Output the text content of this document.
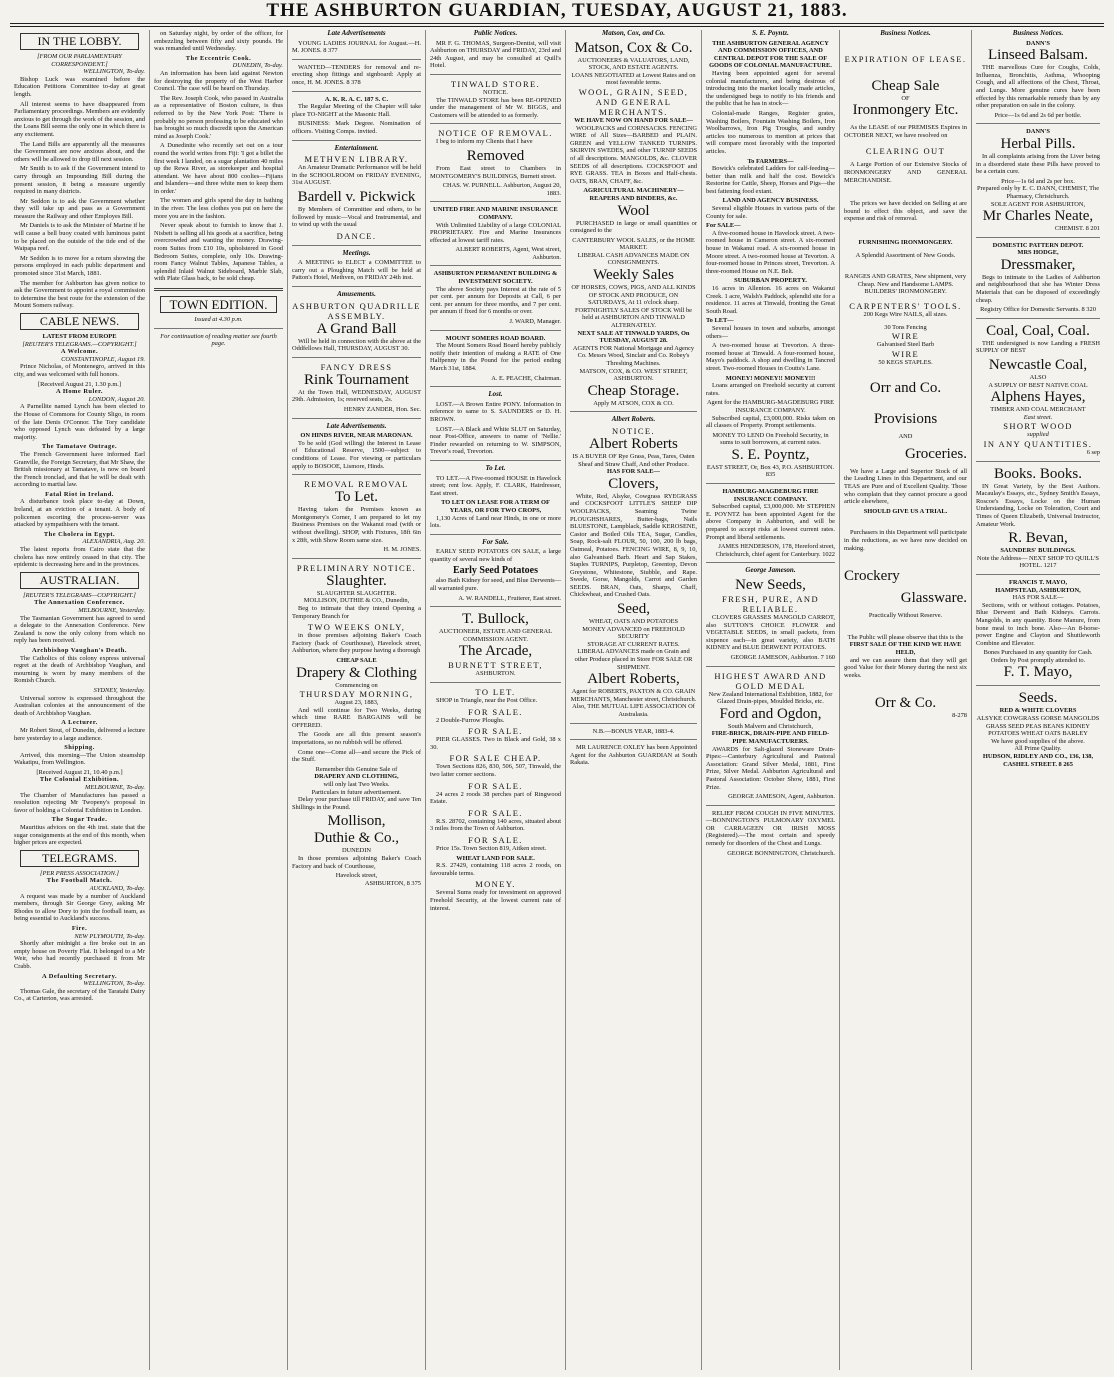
THE ASHBURTON GUARDIAN, TUESDAY, AUGUST 21, 1883.
IN THE LOBBY.
[FROM OUR PARLIAMENTARY CORRESPONDENT.]
WELLINGTON, To-day.

Bishop Luck was examined before the Education Petitions Committee to-day at great length.

All interest seems to have disappeared from Parliamentary proceedings. Members are evidently anxious to get through the work of the session, and the Loans Bill seems the only one in which there is any excitement.

The Land Bills are apparently all the measures the Government are now anxious about, and the others will be allowed to drop till next session.

Mr Smith is to ask if the Government intend to carry through an Impounding Bill during the present session, it being a measure urgently required in many districts.

Mr Seddon is to ask the Government whether they will take up and pass as a Government measure the Railway and other Employes Bill.

Mr Daniels is to ask the Minister of Marine if he will cause a bell buoy coated with luminous paint to be placed on the outside of the tide end of the Waipapa reef.

Mr Seddon is to move for a return showing the persons employed in each public department and promoted since 31st March, 1881.

The member for Ashburton has given notice to ask the Government to appoint a royal commission to determine the best route for the extension of the Mount Somers railway.

CABLE NEWS.
LATEST FROM EUROPE
[REUTER'S TELEGRAMS.—COPYRIGHT.]
A Welcome.
CONSTANTINOPLE, August 19.

Prince Nicholas, of Montenegro, arrived in this city, and was welcomed with full honors.

[Received August 21, 1.30 p.m.]
A Home Ruler.
LONDON, August 20.

A Parnellite named Lynch has been elected to the House of Commons for County Sligo, in room of the late Denis O'Connor. The Tory candidate who opposed Lynch was defeated by a large majority.

The Tamatave Outrage.

The French Government have informed Earl Granville, the Foreign Secretary, that Mr Shaw, the British missionary at Tamatave, is now on board the French ironclad, and that he will be dealt with according to martial law.

Fatal Riot in Ireland.

A disturbance took place to-day at Down, Ireland, at an eviction of a tenant. A body of policemen escorting the process-server was attacked by sympathisers with the tenant.

The Cholera in Egypt.
ALEXANDRIA, Aug. 20.

The latest reports from Cairo state that the cholera has now entirely ceased in that city. The epidemic is decreasing here and in the provinces.

AUSTRALIAN.
[REUTER'S TELEGRAMS—COPYRIGHT.]
The Annexation Conference.
MELBOURNE, Yesterday.

The Tasmanian Government has agreed to send a delegate to the Annexation Conference. New Zealand is now the only colony from which no reply has been received.

Archbishop Vaughan's Death.

The Catholics of this colony express universal regret at the death of Archbishop Vaughan, and mourning is worn by many members of the Romish Church.

SYDNEY, Yesterday.

Universal sorrow is expressed throughout the Australian colonies at the announcement of the death of Archbishop Vaughan.

A Lecturer.

Mr Robert Stout, of Dunedin, delivered a lecture here yesterday to a large audience.

Shipping.

Arrived, this morning—The Union steamship Wakatipu, from Wellington.

[Received August 21, 10.40 p.m.]
The Colonial Exhibition.
MELBOURNE, To-day.

The Chamber of Manufactures has passed a resolution rejecting Mr Twopeny's proposal in favor of holding a Colonial Exhibition in London.

The Sugar Trade.

Mauritius advices on the 4th inst. state that the sugar consignments at the end of this month, when higher prices are expected.

TELEGRAMS.
[PER PRESS ASSOCIATION.]
The Football Match.
AUCKLAND, To-day.

A request was made by a number of Auckland members, through Sir George Grey, asking Mr Rhodes to allow Dory to join the football team, as being essential to Auckland's success.

Fire.
NEW PLYMOUTH, To-day.

Shortly after midnight a fire broke out in an empty house on Poverty Flat. It belonged to a Mr Weir, who had recently purchased it from Mr Crabb.

A Defaulting Secretary.
WELLINGTON, To-day.

Thomas Gale, the secretary of the Taratahi Dairy Co., at Carterton, was arrested.

on Saturday night, by order of the officer, for embezzling between fifty and sixty pounds. He was remanded until Wednesday.

The Eccentric Cook.
DUNEDIN, To-day.

An information has been laid against Newton for destroying the property of the West Harbor Council. The case will be heard on Thursday.

The Rev. Joseph Cook, who passed in Australia as a representative of Boston culture, is thus referred to by the New York Post: 'There is probably no person professing to be educated who has brought so much discredit upon the American mind as Joseph Cook.'

A Dunedinite who recently set out on a tour round the world writes from Fiji: 'I got a billet the first week I landed, on a sugar plantation 40 miles up the Rewa River, as storekeeper and hospital attendant. We have about 800 coolies—Fijians and Islanders—and three white men to keep them in order.'

The women and girls spend the day in bathing in the river. The less clothes you put on here the more you are in the fashion.

Never speak about to furnish to know that J. Nisbett is selling all his goods at a sacrifice, being overcrowded and wanting the money. Drawing-room Suites from £10 10s, upholstered in Good Bedroom Suites, complete, only 10s. Drawing-room Fancy Walnut Tables, Japanese Tables, a splendid Inlaid Walnut Sideboard, Marble Slab, with Plate Glass back, to be sold cheap.

TOWN EDITION.
Issued at 4.30 p.m.
For continuation of reading matter see fourth page.
Late Advertisements

YOUNG LADIES JOURNAL for August.—H. M. JONES. 8 377

WANTED—TENDERS for removal and re-erecting shop fittings and signboard: Apply at once, H. M. JONES. 8 378

A. K. R. A. C. 187 S. C.

The Regular Meeting of the Chapter will take place TO-NIGHT at the Masonic Hall.

BUSINESS: Mark Degree. Nomination of officers. Visiting Comps. invited.

Entertainment.
METHVEN LIBRARY.

An Amateur Dramatic Performance will be held in the SCHOOLROOM on FRIDAY EVENING, 31st AUGUST.

Bardell v. Pickwick

By Members of Committee and others, to be followed by music—Vocal and Instrumental, and to wind up with the usual

DANCE.
Meetings.

A MEETING to ELECT a COMMITTEE to carry out a Ploughing Match will be held at Patton's Hotel, Methven, on FRIDAY 24th inst.

Amusements.
ASHBURTON QUADRILLE ASSEMBLY.
A Grand Ball

Will be held in connection with the above at the Oddfellows Hall, THURSDAY, AUGUST 30.

FANCY DRESS
Rink Tournament

At the Town Hall, WEDNESDAY, AUGUST 29th. Admission, 1s; reserved seats, 2s.

HENRY ZANDER, Hon. Sec.
Late Advertisements.
ON HINDS RIVER, NEAR MARONAN.

To be sold (God willing) the Interest in Lease of Educational Reserve, 1500—subject to conditions of Lease. For viewing or particulars apply to BOSOOE, Lismore, Hinds.

REMOVAL REMOVAL
To Let.

Having taken the Premises known as Montgomery's Corner, I am prepared to let my Business Premises on the Wakanui road (with or without dwelling). SHOP, with Fixtures, 18ft 6in x 28ft, with Show Room same size.

H. M. JONES.
PRELIMINARY NOTICE.
Slaughter.
SLAUGHTER SLAUGHTER.
MOLLISON, DUTHIE & CO., Dunedin,

Beg to intimate that they intend Opening a Temporary Branch for

TWO WEEKS ONLY,

in those premises adjoining Baker's Coach Factory (back of Courthouse), Havelock street, Ashburton, where they purpose having a thorough

CHEAP SALE
Drapery & Clothing
Commencing on
THURSDAY MORNING,
August 23, 1883,

And will continue for Two Weeks, during which time RARE BARGAINS will be OFFERED.

The Goods are all this present season's importations, so no rubbish will be offered.

Come one—Come all—and secure the Pick of the Stuff.

Remember this Genuine Sale of
DRAPERY AND CLOTHING,
will only last Two Weeks.
Particulars in future advertisement.

Delay your purchase till FRIDAY, and save Ten Shillings in the Pound.

Mollison,
Duthie & Co.,
DUNEDIN

In those premises adjoining Baker's Coach Factory and back of Courthouse,

Havelock street,
ASHBURTON, 8 375
Public Notices.

MR F. G. THOMAS, Surgeon-Dentist, will visit Ashburton on THURSDAY and FRIDAY, 23rd and 24th August, and may be consulted at Quill's Hotel.

TINWALD STORE.
NOTICE.

The TINWALD STORE has been RE-OPENED under the management of Mr W. BIGGS, and Customers will be attended to as formerly.

NOTICE OF REMOVAL.

I beg to inform my Clients that I have

Removed

From East street to Chambers in MONTGOMERY'S BUILDINGS, Burnett street.

CHAS. W. PURNELL. Ashburton, August 20, 1883.
UNITED FIRE AND MARINE INSURANCE COMPANY.

With Unlimited Liability of a large COLONIAL PROPRIETARY. Fire and Marine Insurances effected at lowest tariff rates.

ALBERT ROBERTS, Agent, West street, Ashburton.
ASHBURTON PERMANENT BUILDING & INVESTMENT SOCIETY.

The above Society pays Interest at the rate of 5 per cent. per annum for Deposits at Call, 6 per cent. per annum for three months, and 7 per cent. per annum if fixed for 6 months or over.

J. WARD, Manager.
MOUNT SOMERS ROAD BOARD.

The Mount Somers Road Board hereby publicly notify their intention of making a RATE of One Halfpenny in the Pound for the period ending March 31st, 1884.

A. E. PEACHE, Chairman.
Lost.

LOST.—A Brown Entire PONY. Information in reference to same to S. SAUNDERS or D. H. BROWN.

LOST.—A Black and White SLUT on Saturday, near Post-Office, answers to name of 'Nellie.' Finder rewarded on returning to W. SIMPSON, Trevor's road, Trevorton.

To Let.

TO LET.—A Five-roomed HOUSE in Havelock street; rent low. Apply, F. CLARK, Hairdresser, East street.

TO LET ON LEASE FOR A TERM OF YEARS, OR FOR TWO CROPS,

1,130 Acres of Land near Hinds, in one or more lots.

For Sale.

EARLY SEED POTATOES ON SALE, a large quantity of several new kinds of

Early Seed Potatoes

also Bath Kidney for seed, and Blue Derwents—all warranted pure.

A. W. RANDELL, Fruiterer, East street.
T. Bullock,
AUCTIONEER, ESTATE AND GENERAL COMMISSION AGENT.
The Arcade,
BURNETT STREET,
ASHBURTON.
TO LET.

SHOP in Triangle, near the Post Office.

FOR SALE.

2 Double-Furrow Ploughs.

FOR SALE.

PIER GLASSES. Two in Black and Gold, 38 x 30.

FOR SALE CHEAP.

Town Sections 826, 830, 506, 507, Tinwald, the two latter corner sections.

FOR SALE.

24 acres 2 roods 38 perches part of Ringwood Estate.

FOR SALE.

R.S. 28702, containing 140 acres, situated about 3 miles from the Town of Ashburton.

FOR SALE.

Price 15s. Town Section 819, Aitken street.

WHEAT LAND FOR SALE.

R.S. 27429, containing 118 acres 2 roods, on favourable terms.

MONEY.

Several Sums ready for investment on approved Freehold Security, at the lowest current rate of interest.

Matson, Cox, and Co.
Matson, Cox & Co.
AUCTIONEERS & VALUATORS, LAND, STOCK, AND ESTATE AGENTS.
LOANS NEGOTIATED at Lowest Rates and on most favorable terms.
WOOL, GRAIN, SEED, AND GENERAL MERCHANTS.
WE HAVE NOW ON HAND FOR SALE—

WOOLPACKS and CORNSACKS. FENCING WIRE of All Sizes—BARBED and PLAIN. GREEN and YELLOW TANKED TURNIPS. SKIRVIN SWEDES, and other TURNIP SEEDS of all descriptions. MANGOLDS, &c. CLOVER SEEDS of all descriptions. COCKSFOOT and RYE GRASS. TEA in Boxes and Half-chests. OATS, BRAN, CHAFF, &c.

AGRICULTURAL MACHINERY—REAPERS AND BINDERS, &c.
Wool

PURCHASED in large or small quantities or consigned to the

CANTERBURY WOOL SALES, or the HOME MARKET.
LIBERAL CASH ADVANCES MADE ON CONSIGNMENTS.
Weekly Sales
OF HORSES, COWS, PIGS, AND ALL KINDS OF STOCK AND PRODUCE, ON SATURDAYS, At 11 o'clock sharp.
FORTNIGHTLY SALES OF STOCK Will be held at ASHBURTON AND TINWALD ALTERNATELY.
NEXT SALE AT TINWALD YARDS, On TUESDAY, AUGUST 28.
AGENTS FOR National Mortgage and Agency Co. Messrs Wood, Sinclair and Co. Robey's Threshing Machines.
MATSON, COX, & CO. WEST STREET, ASHBURTON.
Cheap Storage.
Apply M ATSON, COX & CO.
Albert Roberts.
NOTICE.
Albert Roberts
IS A BUYER OF Rye Grass, Peas, Tares, Oaten Sheaf and Straw Chaff, And other Produce.
HAS FOR SALE—
Clovers,

White, Red, Alsyke, Cowgrass RYEGRASS and COCKSFOOT LITTLE'S SHEEP DIP WOOLPACKS, Seaming Twine PLOUGHSHARES, Butter-bags, Nails BLUESTONE, Lampblack, Saddle KEROSENE, Castor and Boiled Oils TEA, Sugar, Candles, Soap, Rock-salt FLOUR, 50, 100, 200 lb bags, Oatmeal, Potatoes. FENCING WIRE, 8, 9, 10, also Galvanised Barb. Heart and Sap Stakes, Staples TURNIPS, Purpletop, Greentop, Devon Greystone, Whitestone, Stubble, and Rape. Swede, Gorse, Mangolds, Carrot and Garden SEEDS. BRAN, Oats, Sharps, Chaff, Chickwheat, and Crushed Oats.

Seed,
WHEAT, OATS AND POTATOES
MONEY ADVANCED on FREEHOLD SECURITY
STORAGE AT CURRENT RATES.
LIBERAL ADVANCES made on Grain and other Produce placed in Store FOR SALE OR SHIPMENT.
Albert Roberts,
Agent for ROBERTS, PAXTON & CO. GRAIN MERCHANTS, Manchester street, Christchurch.
Also, THE MUTUAL LIFE ASSOCIATION Of Australasia.
N.B.—BONUS YEAR, 1883-4.

MR LAURENCE OXLEY has been Appointed Agent for the Ashburton GUARDIAN at South Rakaia.

S. E. Poyntz.
THE ASHBURTON GENERAL AGENCY AND COMMISSION OFFICES, AND CENTRAL DEPOT FOR THE SALE OF GOODS OF COLONIAL MANUFACTURE.

Having been appointed agent for several colonial manufacturers, and being desirous of introducing into the market locally made articles, the undersigned begs to notify to his friends and the public that he has in stock—

Colonial-made Ranges, Register grates, Washing Boilers, Fountain Washing Boilers, Iron Woolbarrows, Iron Pig Troughs, and sundry articles too numerous to mention at prices that will compare most favorably with the imported articles.

To FARMERS—

Bowick's celebrated Ladders for calf-feeding—better than milk and half the cost. Bowick's Restorine for Cattle, Sheep, Horses and Pigs—the best fattening food extant.

LAND AND AGENCY BUSINESS.

Several eligible Houses in various parts of the County for sale.

For SALE—

A five-roomed house in Havelock street. A two-roomed house in Cameron street. A six-roomed house in Wakanui road. A six-roomed house in Moore street. A two-roomed house at Tevorton. A four-roomed house in Princes street, Trevorton. A three-roomed House on N.E. Belt.

SUBURBAN PROPERTY.

16 acres in Allenton. 16 acres on Wakanui Creek. 1 acre, Walsh's Paddock, splendid site for a residence. 11 acres at Tinwald, fronting the Great South Road.

To LET—

Several houses in town and suburbs, amongst others—

A two-roomed house at Trevorton. A three-roomed house at Tinwald. A four-roomed house, Mayo's paddock. A shop and dwelling in Tancred street. Two-roomed Houses in Coutts's Lane.

MONEY! MONEY!! MONEY!!!

Loans arranged on Freehold security at current rates.

Agent for the HAMBURG-MAGDEBURG FIRE INSURANCE COMPANY.

Subscribed capital, £3,000,000. Risks taken on all classes of Property. Prompt settlements.

MONEY TO LEND On Freehold Security, in sums to suit borrowers, at current rates.
S. E. Poyntz,
EAST STREET, Or, Box 43, P.O. ASHBURTON. 835
HAMBURG-MAGDEBURG FIRE INSURANCE COMPANY.

Subscribed capital, £3,000,000. Mr STEPHEN E. POYNTZ has been appointed Agent for the above Company in Ashburton, and will be prepared to accept risks at lowest current rates. Prompt and liberal settlements.

JAMES HENDERSON, 178, Hereford street, Christchurch, chief agent for Canterbury. 1022
George Jameson.
New Seeds,
FRESH, PURE, AND RELIABLE.

CLOVERS GRASSES MANGOLD CARROT, also SUTTON'S CHOICE FLOWER and VEGETABLE SEEDS, in small packets, from sixpence each—in great variety, also BATH KIDNEY and BLUE DERWENT POTATOES.

GEORGE JAMESON, Ashburton. 7 160
HIGHEST AWARD AND GOLD MEDAL
New Zealand International Exhibition, 1882, for Glazed Drain-pipes, Moulded Bricks, etc.
Ford and Ogdon,
South Malvern and Christchurch,
FIRE-BRICK, DRAIN-PIPE AND FIELD-PIPE MANUFACTURERS.

AWARDS for Salt-glazed Stoneware Drain-Pipes:—Canterbury Agricultural and Pastoral Association: Grand Silver Medal, 1881, First Prize, Silver Medal. Ashburton Agricultural and Pastoral Association: October Show, 1881, First Prize.

GEORGE JAMESON, Agent, Ashburton.

RELIEF FROM COUGH IN FIVE MINUTES.—BONNINGTON'S PULMONARY OXYMEL OR CARRAGEEN OR IRISH MOSS (Registered).—The most certain and speedy remedy for disorders of the Chest and Lungs.

GEORGE BONNINGTON, Christchurch.
Business Notices.
EXPIRATION OF LEASE.
Cheap Sale
OF
Ironmongery Etc.

As the LEASE of our PREMISES Expires in OCTOBER NEXT, we have resolved on

CLEARING OUT

A Large Portion of our Extensive Stocks of IRONMONGERY AND GENERAL MERCHANDISE.

The prices we have decided on Selling at are bound to effect this object, and save the expense and risk of removal.

FURNISHING IRONMONGERY.
A Splendid Assortment of New Goods.
RANGES AND GRATES, New shipment, very Cheap. New and Handsome LAMPS. BUILDERS' IRONMONGERY.
CARPENTERS' TOOLS.
200 Kegs Wire NAILS, all sizes.
30 Tons Fencing
WIRE
Galvanised Steel Barb
WIRE
50 KEGS STAPLES.
Orr and Co.
Provisions
AND
Groceries.

We have a Large and Superior Stock of all the Leading Lines in this Department, and our TEAS are Pure and of Excellent Quality. Those who complain that they cannot procure a good article elsewhere,

SHOULD GIVE US A TRIAL.

Purchasers in this Department will participate in the reductions, as we have now decided on making.

Crockery
Glassware.
Practically Without Reserve.
The Public will please observe that this is the
FIRST SALE OF THE KIND WE HAVE HELD,

and we can assure them that they will get good Value for their Money during the next six weeks.

Orr & Co.
8-278
Business Notices.
DANN'S
Linseed Balsam.

THE marvellous Cure for Coughs, Colds, Influenza, Bronchitis, Asthma, Whooping Cough, and all affections of the Chest, Throat, and Lungs. More genuine cures have been effected by this remarkable remedy than by any other preparation on sale in the colony.

Price—1s 6d and 2s 6d per bottle.
DANN'S
Herbal Pills.

In all complaints arising from the Liver being in a disordered state these Pills have proved to be a certain cure.

Price—1s 6d and 2s per box.
Prepared only by E. C. DANN, CHEMIST, The Pharmacy, Christchurch.
SOLE AGENT FOR ASHBURTON,
Mr Charles Neate,
CHEMIST. 8 201
DOMESTIC PATTERN DEPOT.
MRS HODGE,
Dressmaker,

Begs to intimate to the Ladies of Ashburton and neighbourhood that she has Winter Dress Materials that can be disposed of exceedingly cheap.

Registry Office for Domestic Servants. 8 320
Coal, Coal, Coal.

THE undersigned is now Landing a FRESH SUPPLY OF BEST

Newcastle Coal,
ALSO
A SUPPLY OF BEST NATIVE COAL
Alphens Hayes,
TIMBER AND COAL MERCHANT
East street.
SHORT WOOD
supplied
IN ANY QUANTITIES.
6 sep
Books. Books.

IN Great Variety, by the Best Authors. Macaulay's Essays, etc., Sydney Smith's Essays, Roscoe's Essays, Locke on the Human Understanding, Locke on Toleration, Court and Times of Queen Elizabeth, Universal Instructor, Amateur Work.

R. Bevan,
SAUNDERS' BUILDINGS.
Note the Address— NEXT SHOP TO QUILL'S HOTEL. 1217
FRANCIS T. MAYO,
HAMPSTEAD, ASHBURTON,
HAS FOR SALE—

Sections, with or without cottages. Potatoes, Blue Derwent and Bath Kidneys. Carrots. Mangolds, in any quantity. Bone Manure, from bone meal to inch bone. Also—An 8-horse-power Engine and Clayton and Shuttleworth Combine and Elevator.

Bones Purchased in any quantity for Cash.
Orders by Post promptly attended to.
F. T. Mayo,
Seeds.
RED & WHITE CLOVERS
ALSYKE COWGRASS GORSE MANGOLDS GRASS SEED PEAS BEANS KIDNEY POTATOES WHEAT OATS BARLEY
We have good supplies of the above.
All Prime Quality.
HUDSON, RIDLEY AND CO., 136, 138, CASHEL STREET. 8 265
